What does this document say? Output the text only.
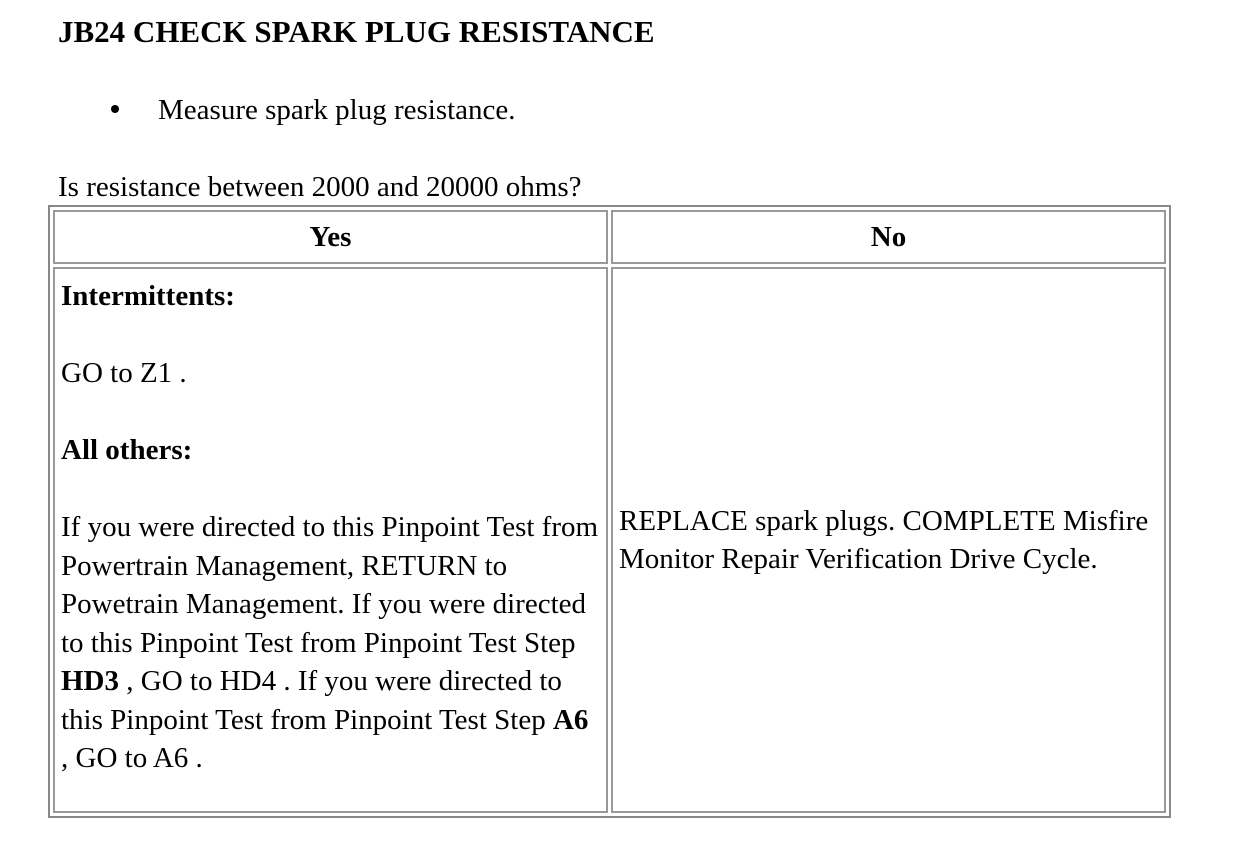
JB24 CHECK SPARK PLUG RESISTANCE
Measure spark plug resistance.
Is resistance between 2000 and 20000 ohms?
Yes	No

Intermittents:

GO to Z1 .

All others:

If you were directed to this Pinpoint Test from Powertrain Management, RETURN to Powetrain Management. If you were directed to this Pinpoint Test from Pinpoint Test Step HD3 , GO to HD4 . If you were directed to this Pinpoint Test from Pinpoint Test Step A6 , GO to A6 .	REPLACE spark plugs. COMPLETE Misfire Monitor Repair Verification Drive Cycle.
